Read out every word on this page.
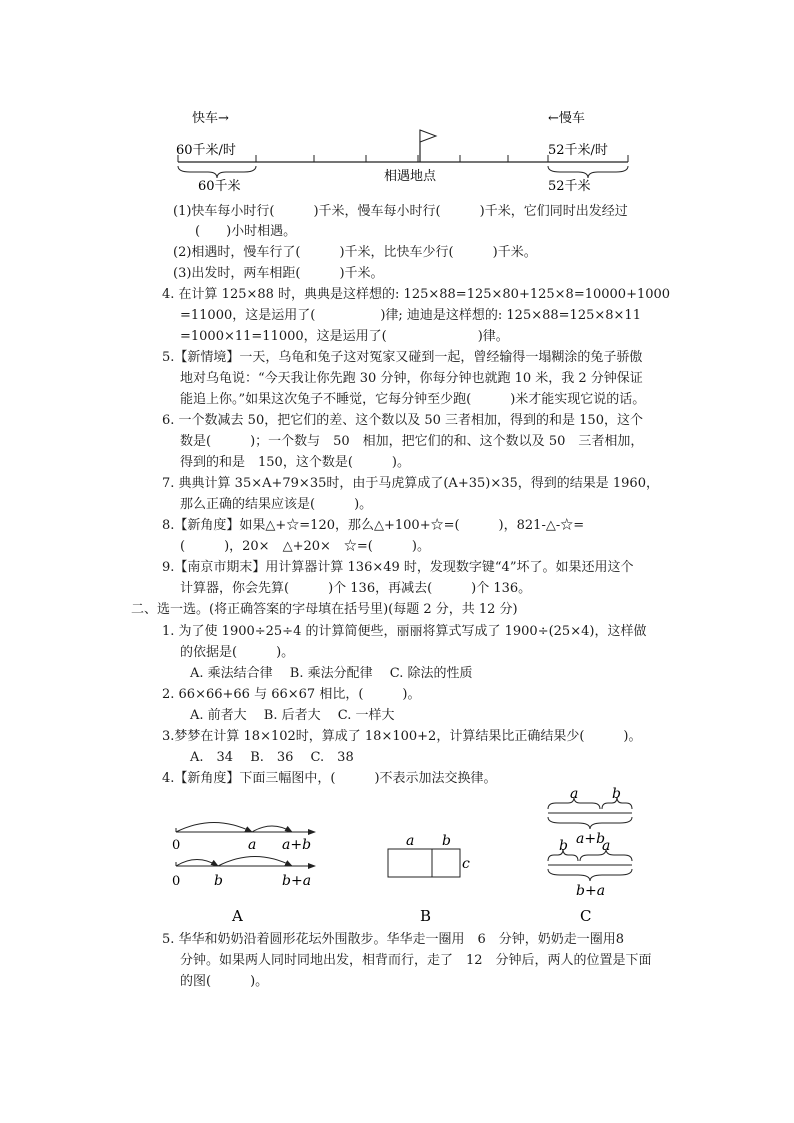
快车→	←慢车
60千米/时	52千米/时
60千米	52千米
相遇地点
(1)快车每小时行(　　　)千米，慢车每小时行(　　　)千米，它们同时出发经过
(　　)小时相遇。
(2)相遇时，慢车行了(　　　)千米，比快车少行(　　　)千米。
(3)出发时，两车相距(　　　)千米。
4. 在计算 125×88 时，典典是这样想的: 125×88=125×80+125×8=10000+1000
=11000，这是运用了(　　　　　)律; 迪迪是这样想的: 125×88=125×8×11
=1000×11=11000，这是运用了(　　　　　　　)律。
5.【新情境】一天，乌龟和兔子这对冤家又碰到一起，曾经输得一塌糊涂的兔子骄傲
地对乌龟说：“今天我让你先跑 30 分钟，你每分钟也就跑 10 米，我 2 分钟保证
能追上你。”如果这次兔子不睡觉，它每分钟至少跑(　　　)米才能实现它说的话。
6. 一个数减去 50，把它们的差、这个数以及 50 三者相加，得到的和是 150，这个
数是(　　　)；一个数与　50　相加，把它们的和、这个数以及 50　三者相加，
得到的和是　150，这个数是(　　　)。
7. 典典计算 35×A+79×35时，由于马虎算成了(A+35)×35，得到的结果是 1960，
那么正确的结果应该是(　　　)。
8.【新角度】如果△+☆=120，那么△+100+☆=(　　　)，821-△-☆=
(　　　)，20×　△+20×　☆=(　　　)。
9.【南京市期末】用计算器计算 136×49 时，发现数字键“4”坏了。如果还用这个
计算器，你会先算(　　　)个 136，再减去(　　　)个 136。
二、选一选。(将正确答案的字母填在括号里)(每题 2 分，共 12 分)
1. 为了使 1900÷25÷4 的计算简便些，丽丽将算式写成了 1900÷(25×4)，这样做
的依据是(　　　)。
A. 乘法结合律　 B. 乘法分配律　 C. 除法的性质
2. 66×66+66 与 66×67 相比，(　　　)。
A. 前者大　 B. 后者大　 C. 一样大
3.梦梦在计算 18×102时，算成了 18×100+2，计算结果比正确结果少(　　　)。
A.　34　 B.　36　 C.　38
4.【新角度】下面三幅图中，(　　　)不表示加法交换律。
0	a a+b
0 b	b+a
A
a b
c
B
a b
a+b
b a
b+a
C
5. 华华和奶奶沿着圆形花坛外围散步。华华走一圈用　6　分钟，奶奶走一圈用8
分钟。如果两人同时同地出发，相背而行，走了　12　分钟后，两人的位置是下面
的图(　　　)。
